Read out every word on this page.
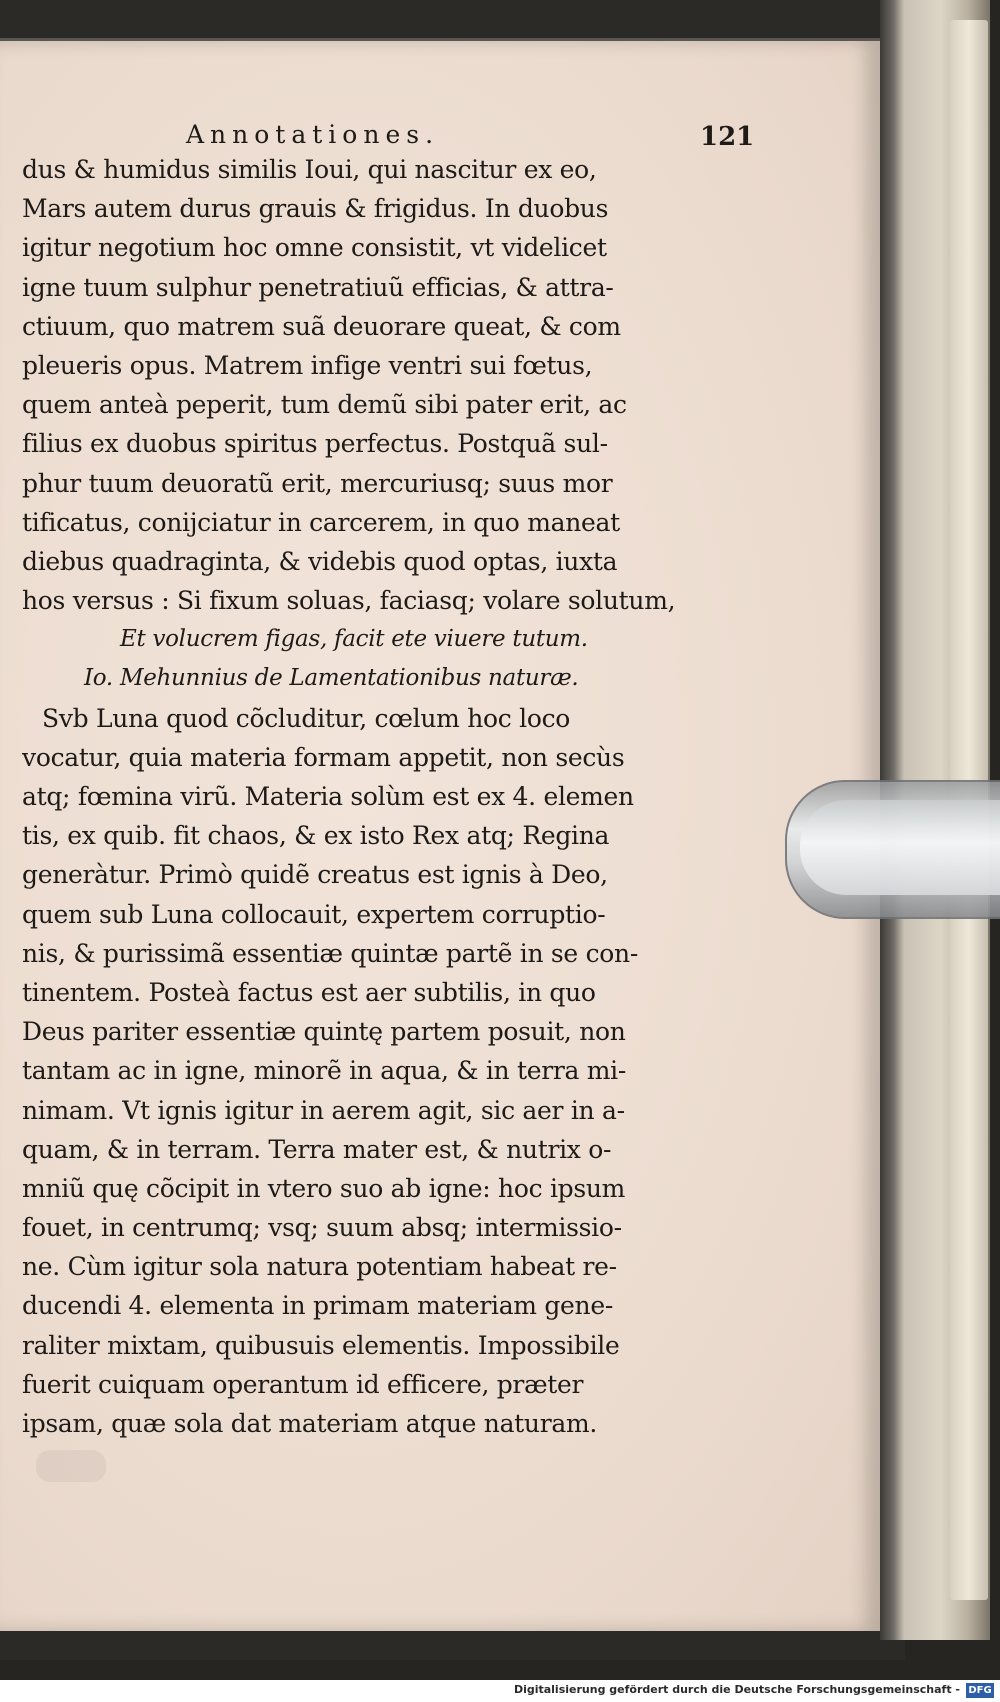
Annotationes.	121
dus & humidus similis Ioui, qui nascitur ex eo,
Mars autem durus grauis & frigidus. In duobus
igitur negotium hoc omne consistit, vt videlicet
igne tuum sulphur penetratiuũ efficias, & attra-
ctiuum, quo matrem suã deuorare queat, & com
pleueris opus. Matrem infige ventri sui fœtus,
quem anteà peperit, tum demũ sibi pater erit, ac
filius ex duobus spiritus perfectus. Postquã sul-
phur tuum deuoratũ erit, mercuriusq; suus mor
tificatus, conijciatur in carcerem, in quo maneat
diebus quadraginta, & videbis quod optas, iuxta
hos versus : Si fixum soluas, faciasq; volare solutum,
Et volucrem figas, facit ete viuere tutum.
Io. Mehunnius de Lamentationibus naturæ.
Svb Luna quod cõcluditur, cœlum hoc loco
vocatur, quia materia formam appetit, non secùs
atq; fœmina virũ. Materia solùm est ex 4. elemen
tis, ex quib. fit chaos, & ex isto Rex atq; Regina
generàtur. Primò quidẽ creatus est ignis à Deo,
quem sub Luna collocauit, expertem corruptio-
nis, & purissimã essentiæ quintæ partẽ in se con-
tinentem. Posteà factus est aer subtilis, in quo
Deus pariter essentiæ quintę partem posuit, non
tantam ac in igne, minorẽ in aqua, & in terra mi-
nimam. Vt ignis igitur in aerem agit, sic aer in a-
quam, & in terram. Terra mater est, & nutrix o-
mniũ quę cõcipit in vtero suo ab igne: hoc ipsum
fouet, in centrumq; vsq; suum absq; intermissio-
ne. Cùm igitur sola natura potentiam habeat re-
ducendi 4. elementa in primam materiam gene-
raliter mixtam, quibusuis elementis. Impossibile
fuerit cuiquam operantum id efficere, præter
ipsam, quæ sola dat materiam atque naturam.
Digitalisierung gefördert durch die Deutsche Forschungsgemeinschaft - DFG
